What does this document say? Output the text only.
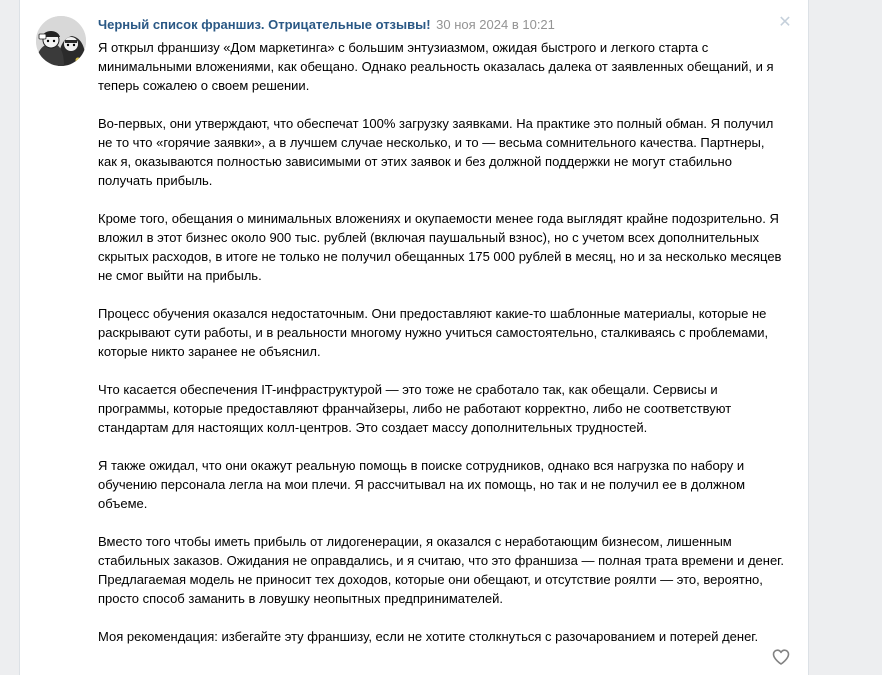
Черный список франшиз. Отрицательные отзывы! 30 ноя 2024 в 10:21	✕

Я открыл франшизу «Дом маркетинга» с большим энтузиазмом, ожидая быстрого и легкого старта с
минимальными вложениями, как обещано. Однако реальность оказалась далека от заявленных обещаний, и я
теперь сожалею о своем решении.

Во-первых, они утверждают, что обеспечат 100% загрузку заявками. На практике это полный обман. Я получил
не то что «горячие заявки», а в лучшем случае несколько, и то — весьма сомнительного качества. Партнеры,
как я, оказываются полностью зависимыми от этих заявок и без должной поддержки не могут стабильно
получать прибыль.

Кроме того, обещания о минимальных вложениях и окупаемости менее года выглядят крайне подозрительно. Я
вложил в этот бизнес около 900 тыс. рублей (включая паушальный взнос), но с учетом всех дополнительных
скрытых расходов, в итоге не только не получил обещанных 175 000 рублей в месяц, но и за несколько месяцев
не смог выйти на прибыль.

Процесс обучения оказался недостаточным. Они предоставляют какие-то шаблонные материалы, которые не
раскрывают сути работы, и в реальности многому нужно учиться самостоятельно, сталкиваясь с проблемами,
которые никто заранее не объяснил.

Что касается обеспечения IT-инфраструктурой — это тоже не сработало так, как обещали. Сервисы и
программы, которые предоставляют франчайзеры, либо не работают корректно, либо не соответствуют
стандартам для настоящих колл-центров. Это создает массу дополнительных трудностей.

Я также ожидал, что они окажут реальную помощь в поиске сотрудников, однако вся нагрузка по набору и
обучению персонала легла на мои плечи. Я рассчитывал на их помощь, но так и не получил ее в должном
объеме.

Вместо того чтобы иметь прибыль от лидогенерации, я оказался с неработающим бизнесом, лишенным
стабильных заказов. Ожидания не оправдались, и я считаю, что это франшиза — полная трата времени и денег.
Предлагаемая модель не приносит тех доходов, которые они обещают, и отсутствие роялти — это, вероятно,
просто способ заманить в ловушку неопытных предпринимателей.

Моя рекомендация: избегайте эту франшизу, если не хотите столкнуться с разочарованием и потерей денег.
